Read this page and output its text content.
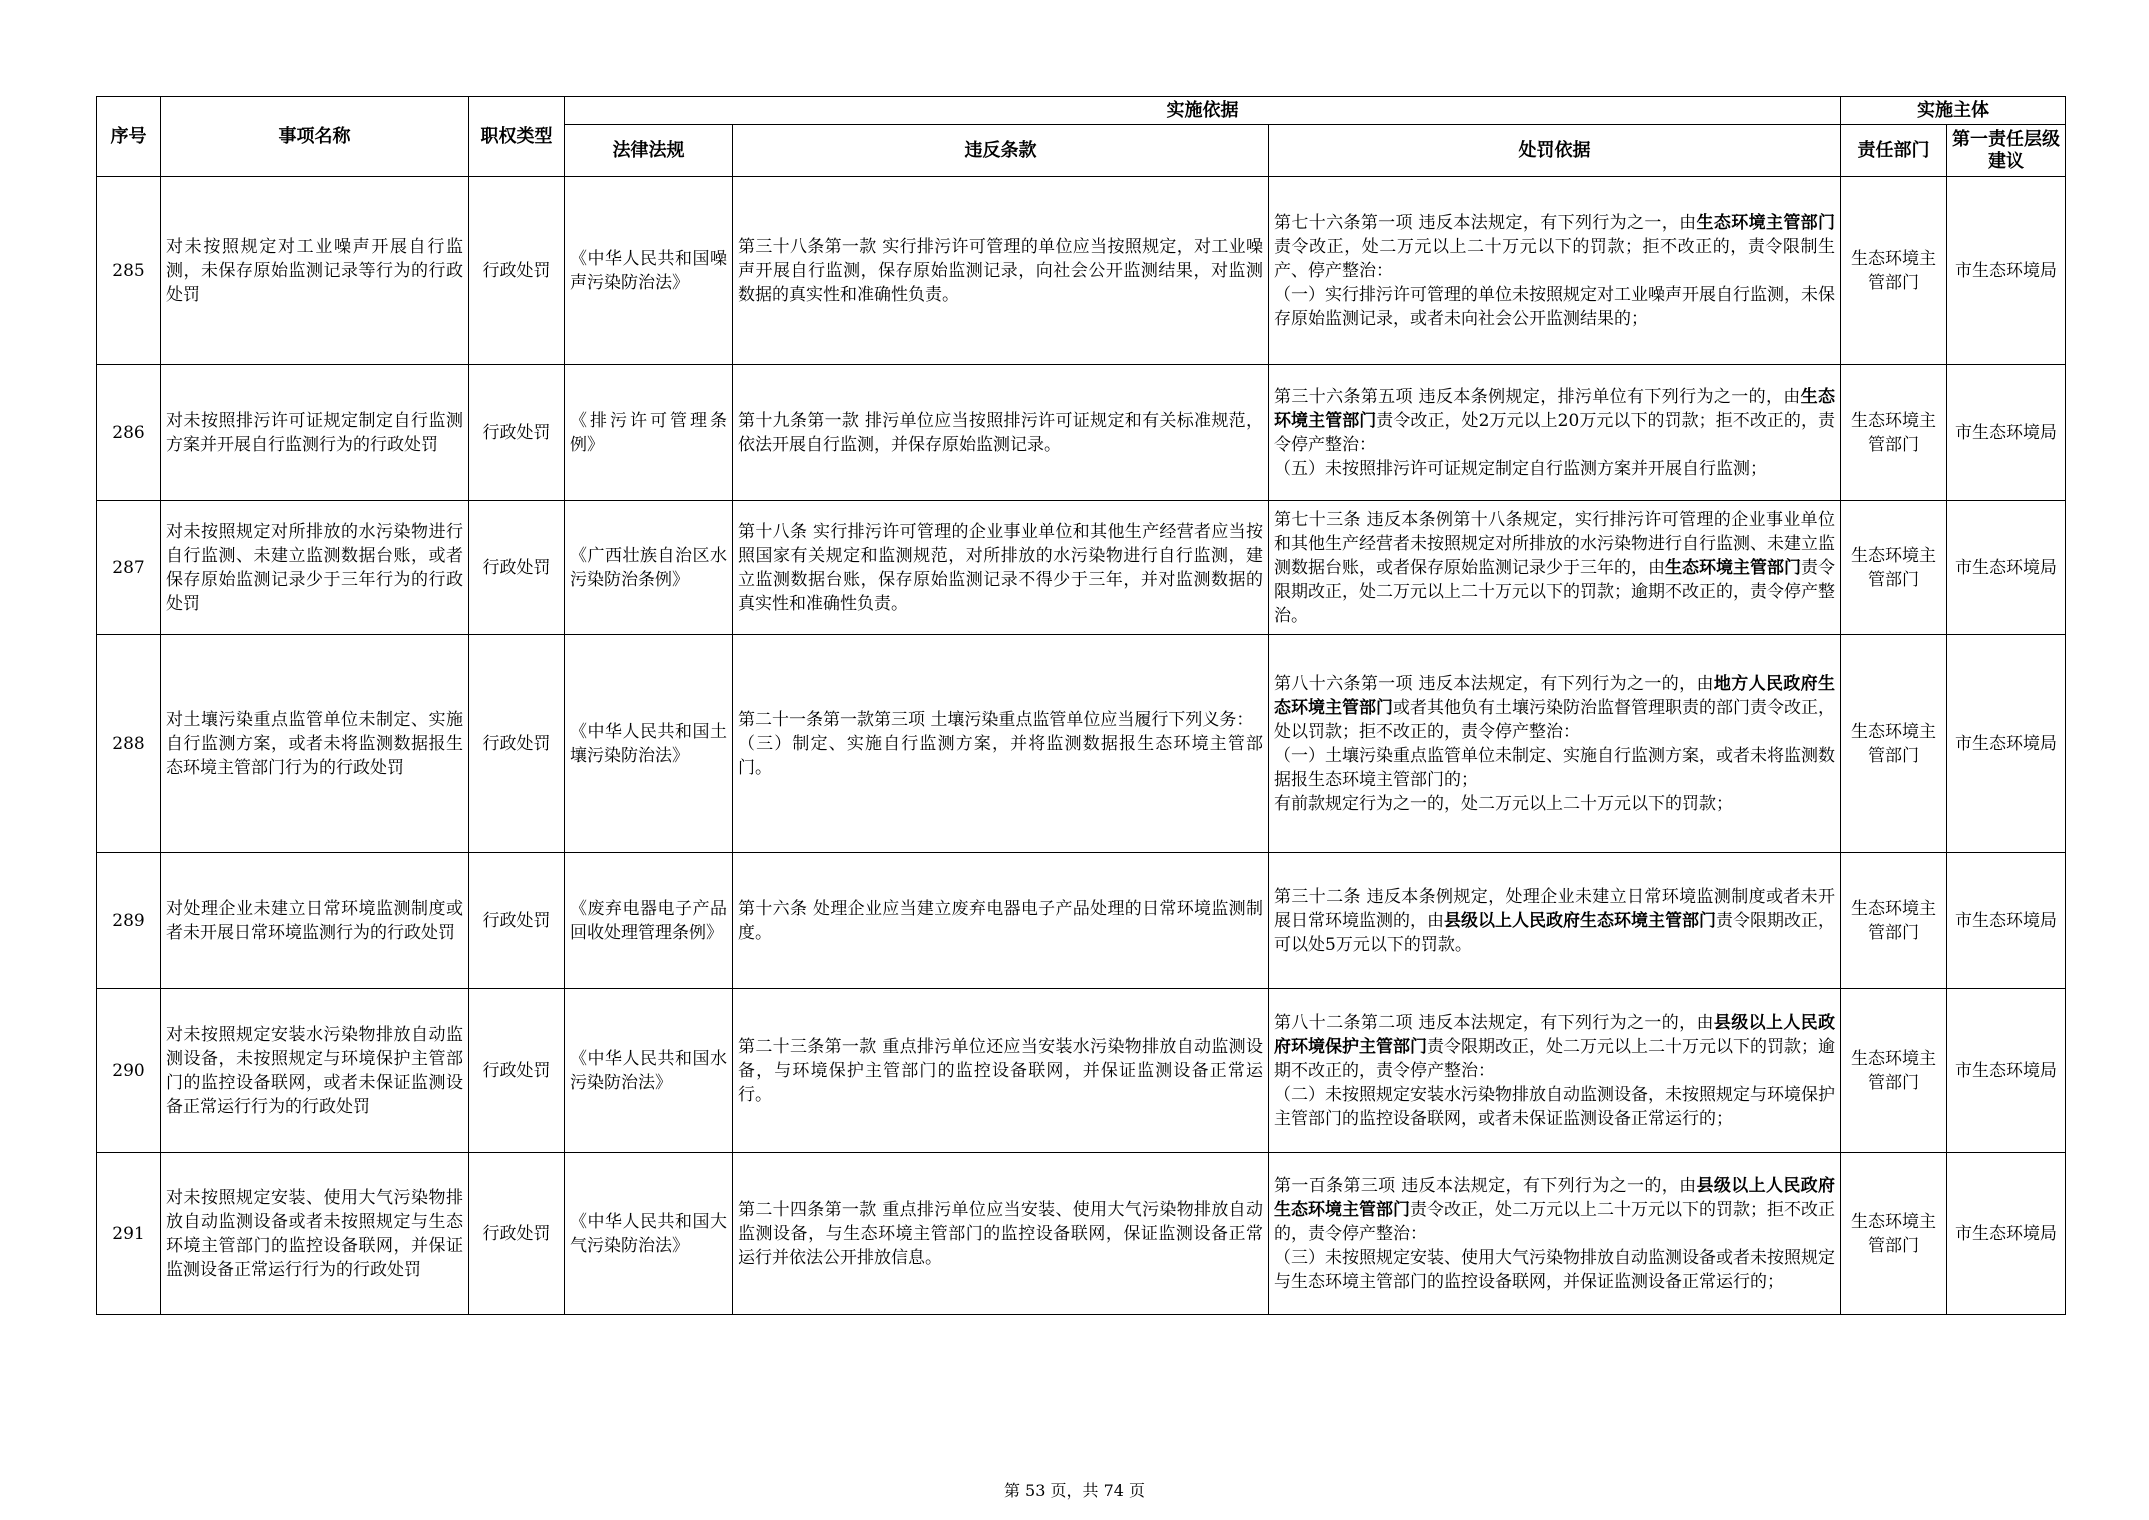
序号	事项名称	职权类型	实施依据			实施主体	
			法律法规	违反条款	处罚依据	责任部门	第一责任层级建议
285	对未按照规定对工业噪声开展自行监测，未保存原始监测记录等行为的行政处罚	行政处罚	《中华人民共和国噪声污染防治法》	第三十八条第一款 实行排污许可管理的单位应当按照规定，对工业噪声开展自行监测，保存原始监测记录，向社会公开监测结果，对监测数据的真实性和准确性负责。	第七十六条第一项 违反本法规定，有下列行为之一，由生态环境主管部门责令改正，处二万元以上二十万元以下的罚款；拒不改正的，责令限制生产、停产整治：
（一）实行排污许可管理的单位未按照规定对工业噪声开展自行监测，未保存原始监测记录，或者未向社会公开监测结果的；	生态环境主管部门	市生态环境局
286	对未按照排污许可证规定制定自行监测方案并开展自行监测行为的行政处罚	行政处罚	《排污许可管理条例》	第十九条第一款 排污单位应当按照排污许可证规定和有关标准规范，依法开展自行监测，并保存原始监测记录。	第三十六条第五项 违反本条例规定，排污单位有下列行为之一的，由生态环境主管部门责令改正，处2万元以上20万元以下的罚款；拒不改正的，责令停产整治：
（五）未按照排污许可证规定制定自行监测方案并开展自行监测；	生态环境主管部门	市生态环境局
287	对未按照规定对所排放的水污染物进行自行监测、未建立监测数据台账，或者保存原始监测记录少于三年行为的行政处罚	行政处罚	《广西壮族自治区水污染防治条例》	第十八条 实行排污许可管理的企业事业单位和其他生产经营者应当按照国家有关规定和监测规范，对所排放的水污染物进行自行监测，建立监测数据台账，保存原始监测记录不得少于三年，并对监测数据的真实性和准确性负责。	第七十三条 违反本条例第十八条规定，实行排污许可管理的企业事业单位和其他生产经营者未按照规定对所排放的水污染物进行自行监测、未建立监测数据台账，或者保存原始监测记录少于三年的，由生态环境主管部门责令限期改正，处二万元以上二十万元以下的罚款；逾期不改正的，责令停产整治。	生态环境主管部门	市生态环境局
288	对土壤污染重点监管单位未制定、实施自行监测方案，或者未将监测数据报生态环境主管部门行为的行政处罚	行政处罚	《中华人民共和国土壤污染防治法》	第二十一条第一款第三项 土壤污染重点监管单位应当履行下列义务：
（三）制定、实施自行监测方案，并将监测数据报生态环境主管部门。	第八十六条第一项 违反本法规定，有下列行为之一的，由地方人民政府生态环境主管部门或者其他负有土壤污染防治监督管理职责的部门责令改正，处以罚款；拒不改正的，责令停产整治：
（一）土壤污染重点监管单位未制定、实施自行监测方案，或者未将监测数据报生态环境主管部门的；
有前款规定行为之一的，处二万元以上二十万元以下的罚款；	生态环境主管部门	市生态环境局
289	对处理企业未建立日常环境监测制度或者未开展日常环境监测行为的行政处罚	行政处罚	《废弃电器电子产品回收处理管理条例》	第十六条 处理企业应当建立废弃电器电子产品处理的日常环境监测制度。	第三十二条 违反本条例规定，处理企业未建立日常环境监测制度或者未开展日常环境监测的，由县级以上人民政府生态环境主管部门责令限期改正，可以处5万元以下的罚款。	生态环境主管部门	市生态环境局
290	对未按照规定安装水污染物排放自动监测设备，未按照规定与环境保护主管部门的监控设备联网，或者未保证监测设备正常运行行为的行政处罚	行政处罚	《中华人民共和国水污染防治法》	第二十三条第一款 重点排污单位还应当安装水污染物排放自动监测设备，与环境保护主管部门的监控设备联网，并保证监测设备正常运行。	第八十二条第二项 违反本法规定，有下列行为之一的，由县级以上人民政府环境保护主管部门责令限期改正，处二万元以上二十万元以下的罚款；逾期不改正的，责令停产整治：
（二）未按照规定安装水污染物排放自动监测设备，未按照规定与环境保护主管部门的监控设备联网，或者未保证监测设备正常运行的；	生态环境主管部门	市生态环境局
291	对未按照规定安装、使用大气污染物排放自动监测设备或者未按照规定与生态环境主管部门的监控设备联网，并保证监测设备正常运行行为的行政处罚	行政处罚	《中华人民共和国大气污染防治法》	第二十四条第一款 重点排污单位应当安装、使用大气污染物排放自动监测设备，与生态环境主管部门的监控设备联网，保证监测设备正常运行并依法公开排放信息。	第一百条第三项 违反本法规定，有下列行为之一的，由县级以上人民政府生态环境主管部门责令改正，处二万元以上二十万元以下的罚款；拒不改正的，责令停产整治：
（三）未按照规定安装、使用大气污染物排放自动监测设备或者未按照规定与生态环境主管部门的监控设备联网，并保证监测设备正常运行的；	生态环境主管部门	市生态环境局
第 53 页，共 74 页
